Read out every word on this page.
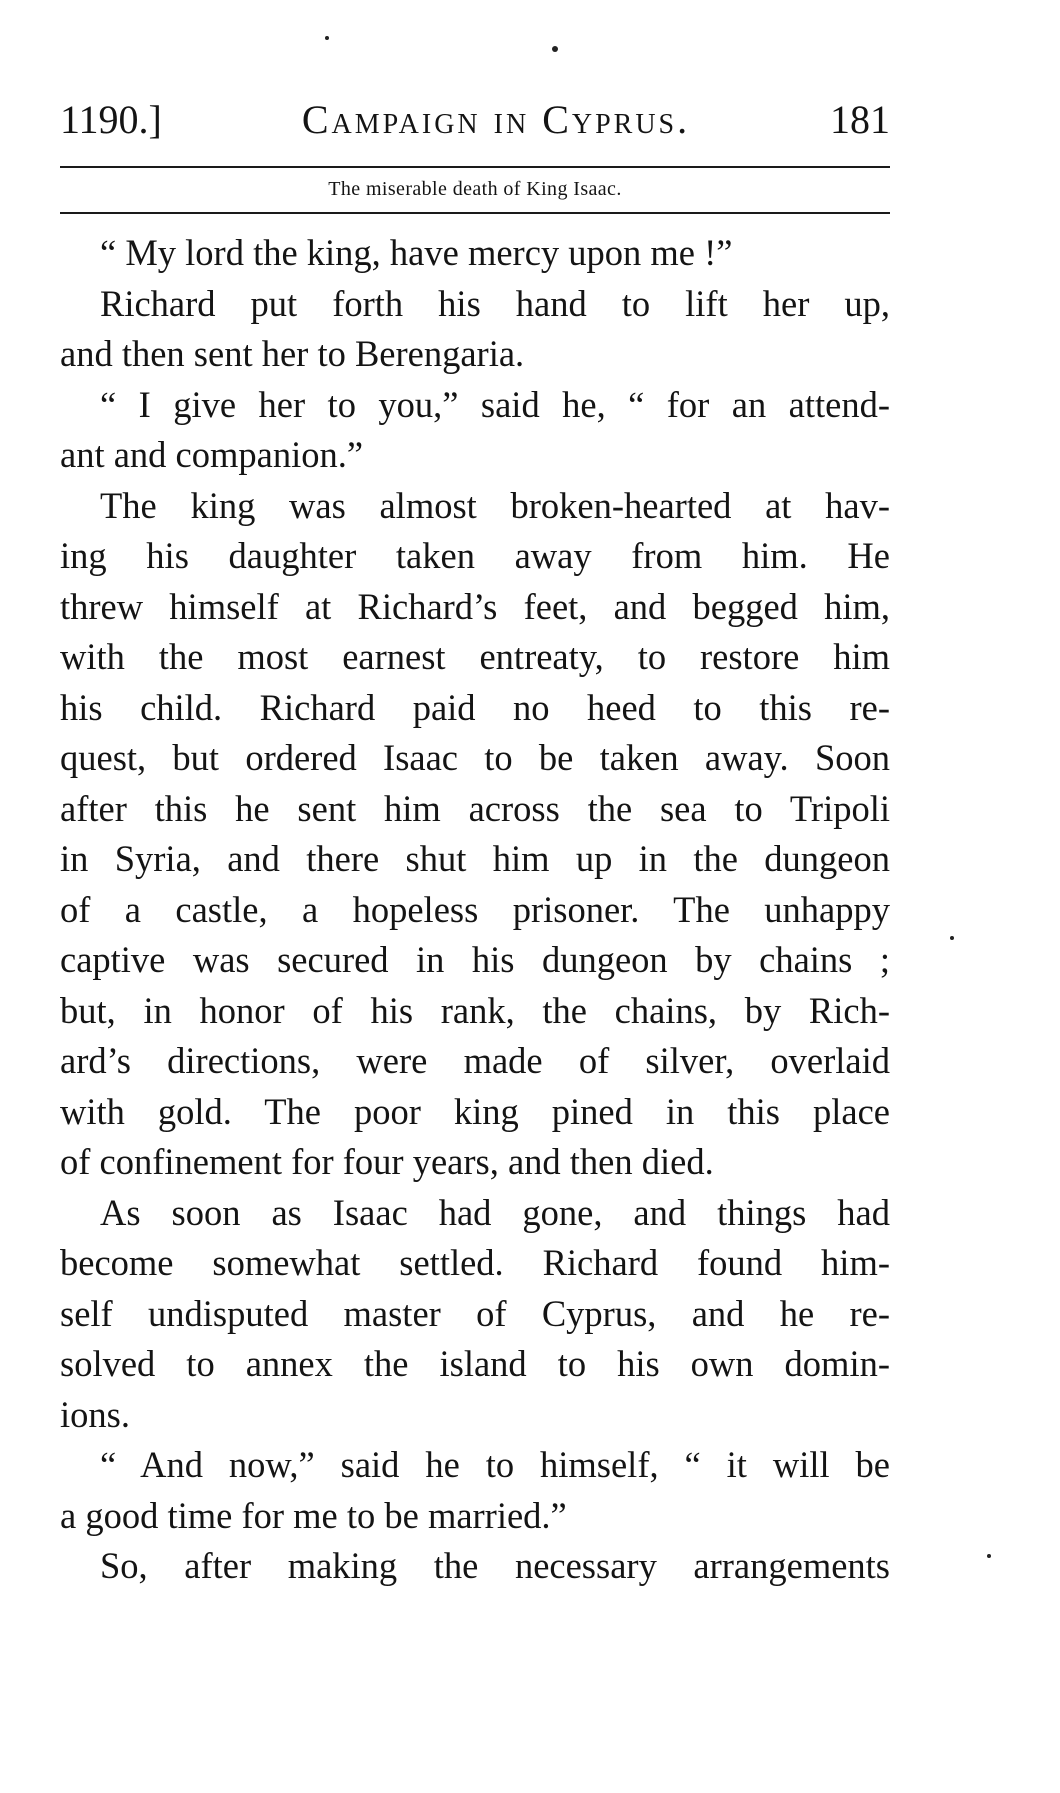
1190.]	Campaign in Cyprus.	181
The miserable death of King Isaac.
“ My lord the king, have mercy upon me !”
Richard put forth his hand to lift her up,
and then sent her to Berengaria.
“ I give her to you,” said he, “ for an attend-
ant and companion.”
The king was almost broken-hearted at hav-
ing his daughter taken away from him. He
threw himself at Richard’s feet, and begged him,
with the most earnest entreaty, to restore him
his child. Richard paid no heed to this re-
quest, but ordered Isaac to be taken away. Soon
after this he sent him across the sea to Tripoli
in Syria, and there shut him up in the dungeon
of a castle, a hopeless prisoner. The unhappy
captive was secured in his dungeon by chains ;
but, in honor of his rank, the chains, by Rich-
ard’s directions, were made of silver, overlaid
with gold. The poor king pined in this place
of confinement for four years, and then died.
As soon as Isaac had gone, and things had
become somewhat settled. Richard found him-
self undisputed master of Cyprus, and he re-
solved to annex the island to his own domin-
ions.
“ And now,” said he to himself, “ it will be
a good time for me to be married.”
So, after making the necessary arrangements
